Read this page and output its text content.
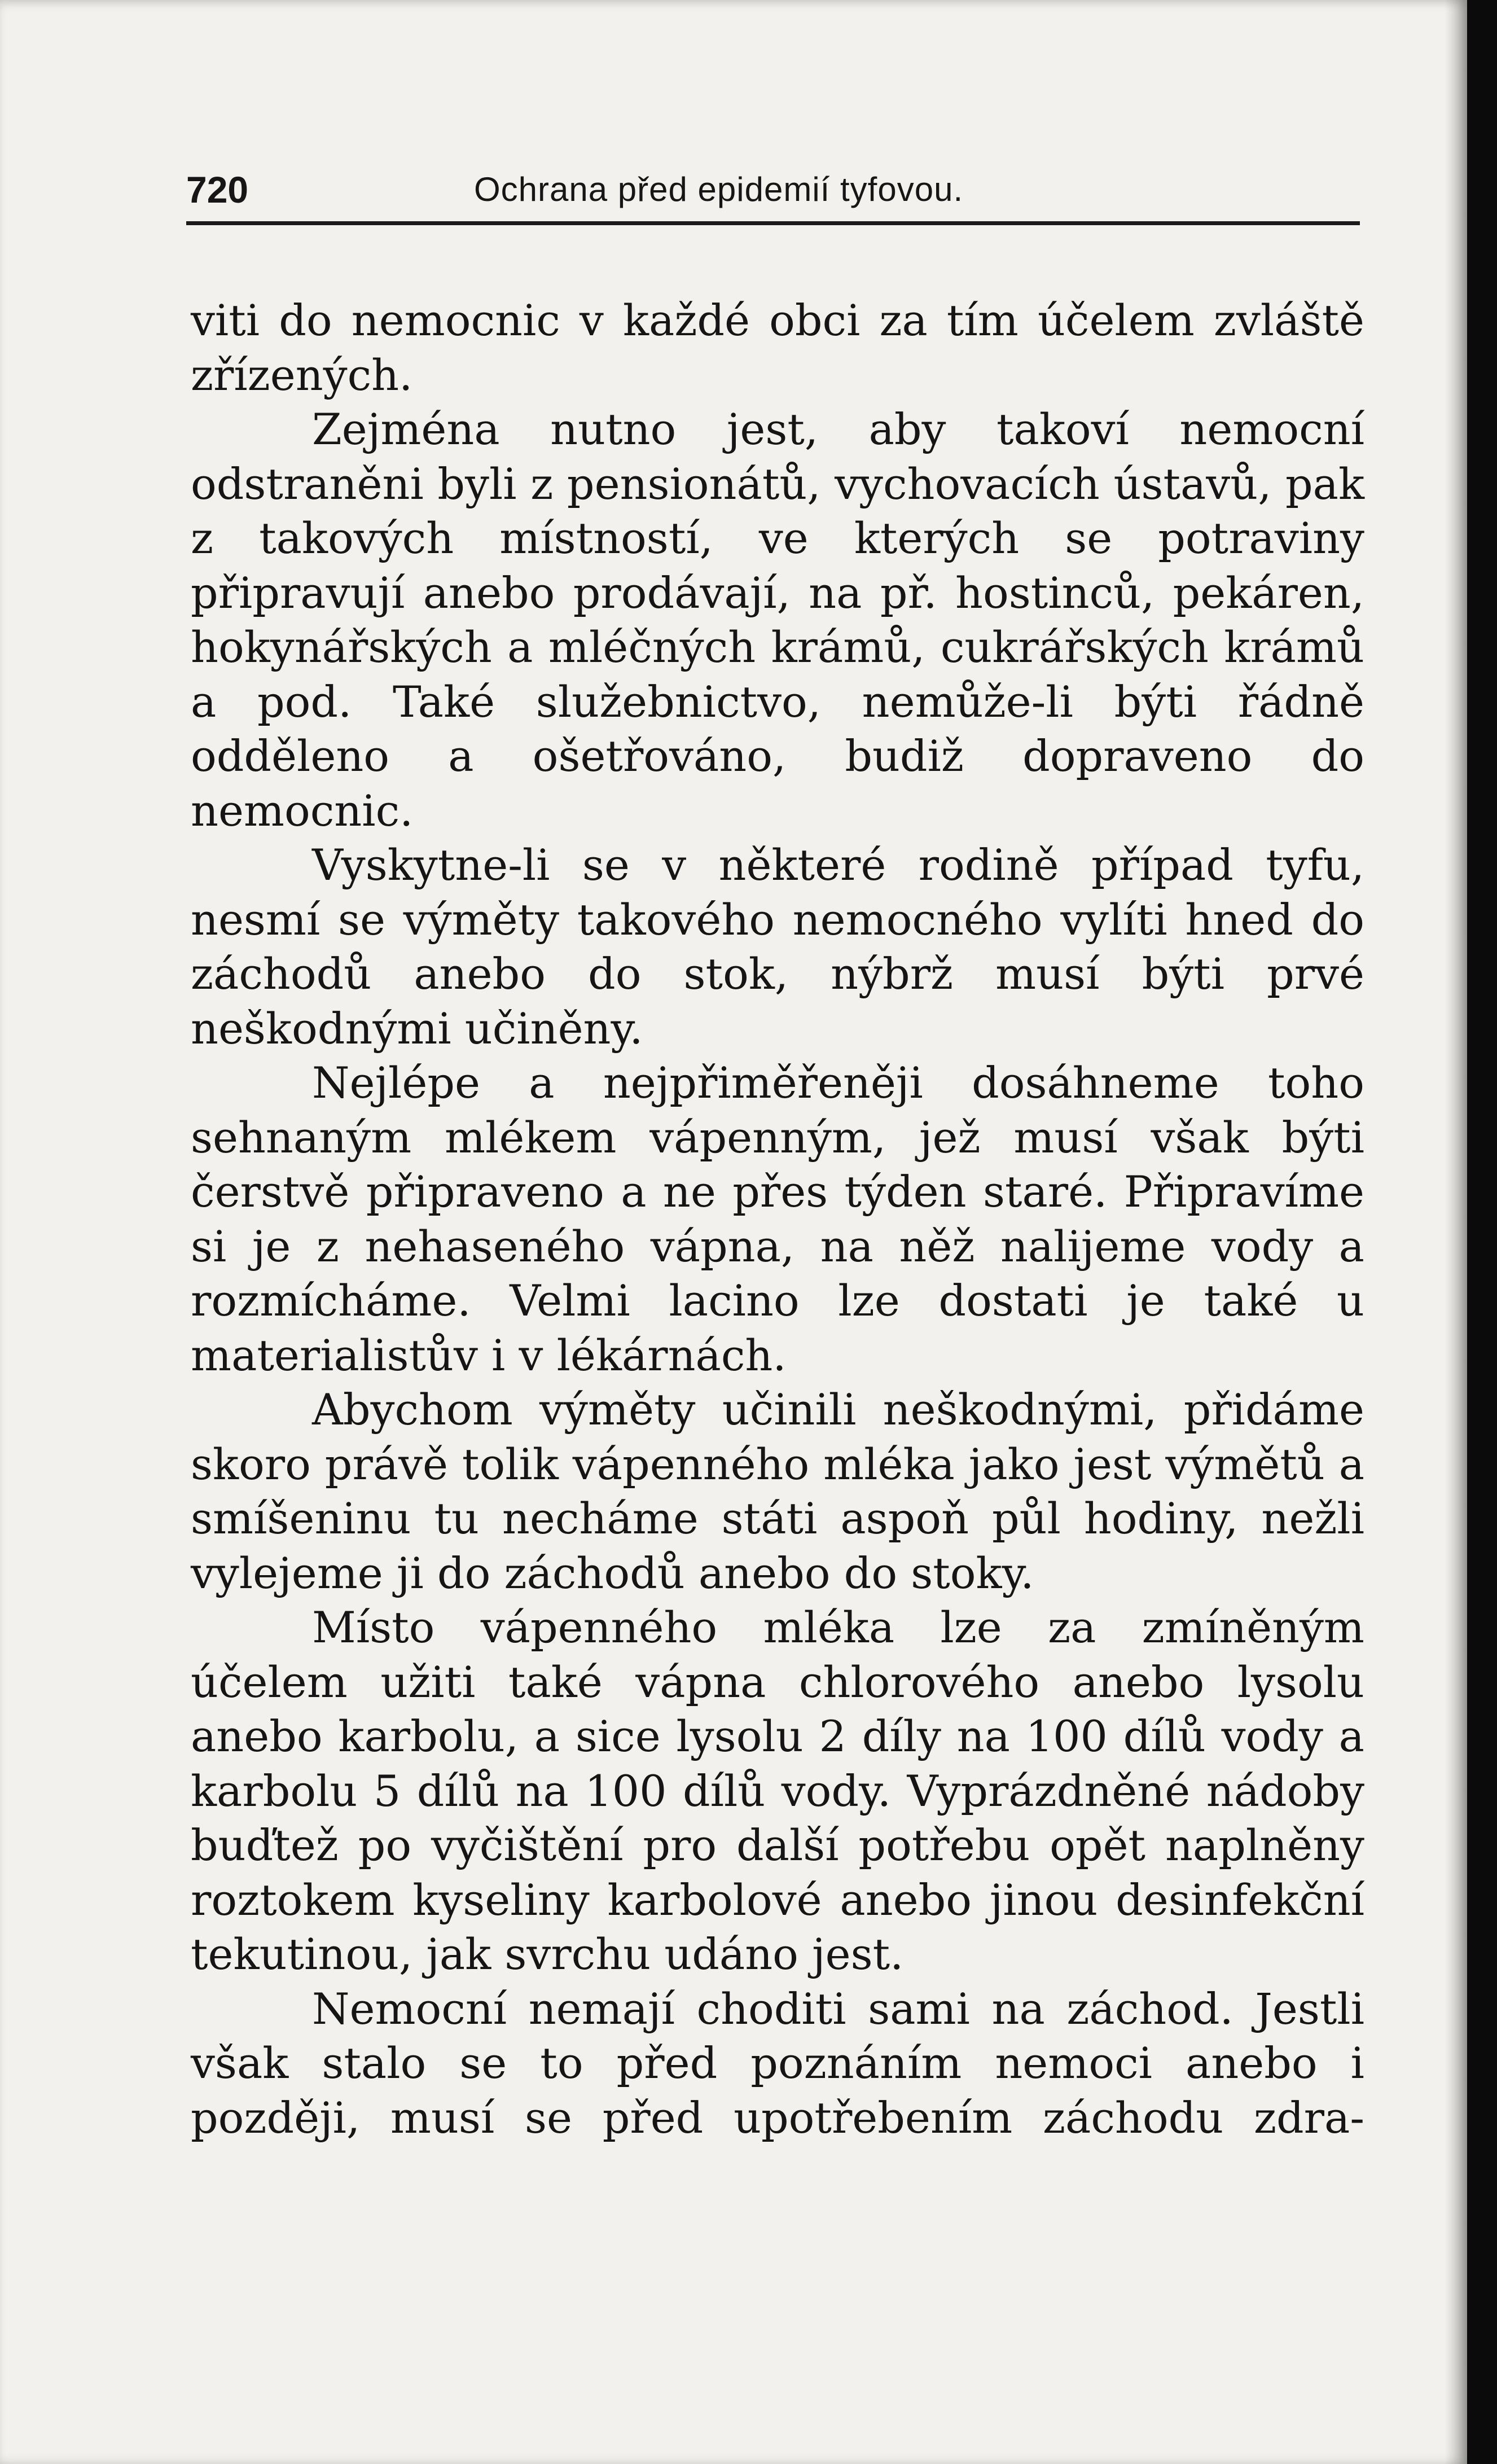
720	Ochrana před epidemií tyfovou.

viti do nemocnic v každé obci za tím účelem zvláště zřízených.

Zejména nutno jest, aby takoví nemocní odstraněni byli z pensionátů, vychovacích ústavů, pak z takových místností, ve kterých se potraviny připravují anebo prodávají, na př. hostinců, pekáren, hokynářských a mléčných krámů, cukrářských krámů a pod. Také služebnictvo, nemůže-li býti řádně odděleno a ošetřováno, budiž dopraveno do nemocnic.

Vyskytne-li se v některé rodině případ tyfu, nesmí se výměty takového nemocného vylíti hned do záchodů anebo do stok, nýbrž musí býti prvé neškodnými učiněny.

Nejlépe a nejpřiměřeněji dosáhneme toho sehnaným mlékem vápenným, jež musí však býti čerstvě připraveno a ne přes týden staré. Připravíme si je z nehaseného vápna, na něž nalijeme vody a rozmícháme. Velmi lacino lze dostati je také u materialistův i v lékárnách.

Abychom výměty učinili neškodnými, přidáme skoro právě tolik vápenného mléka jako jest výmětů a smíšeninu tu necháme státi aspoň půl hodiny, nežli vylejeme ji do záchodů anebo do stoky.

Místo vápenného mléka lze za zmíněným účelem užiti také vápna chlorového anebo lysolu anebo karbolu, a sice lysolu 2 díly na 100 dílů vody a karbolu 5 dílů na 100 dílů vody. Vyprázdněné nádoby buďtež po vyčištění pro další potřebu opět naplněny roztokem kyseliny karbolové anebo jinou desinfekční tekutinou, jak svrchu udáno jest.

Nemocní nemají choditi sami na záchod. Jestli však stalo se to před poznáním nemoci anebo i později, musí se před upotřebením záchodu zdra-
